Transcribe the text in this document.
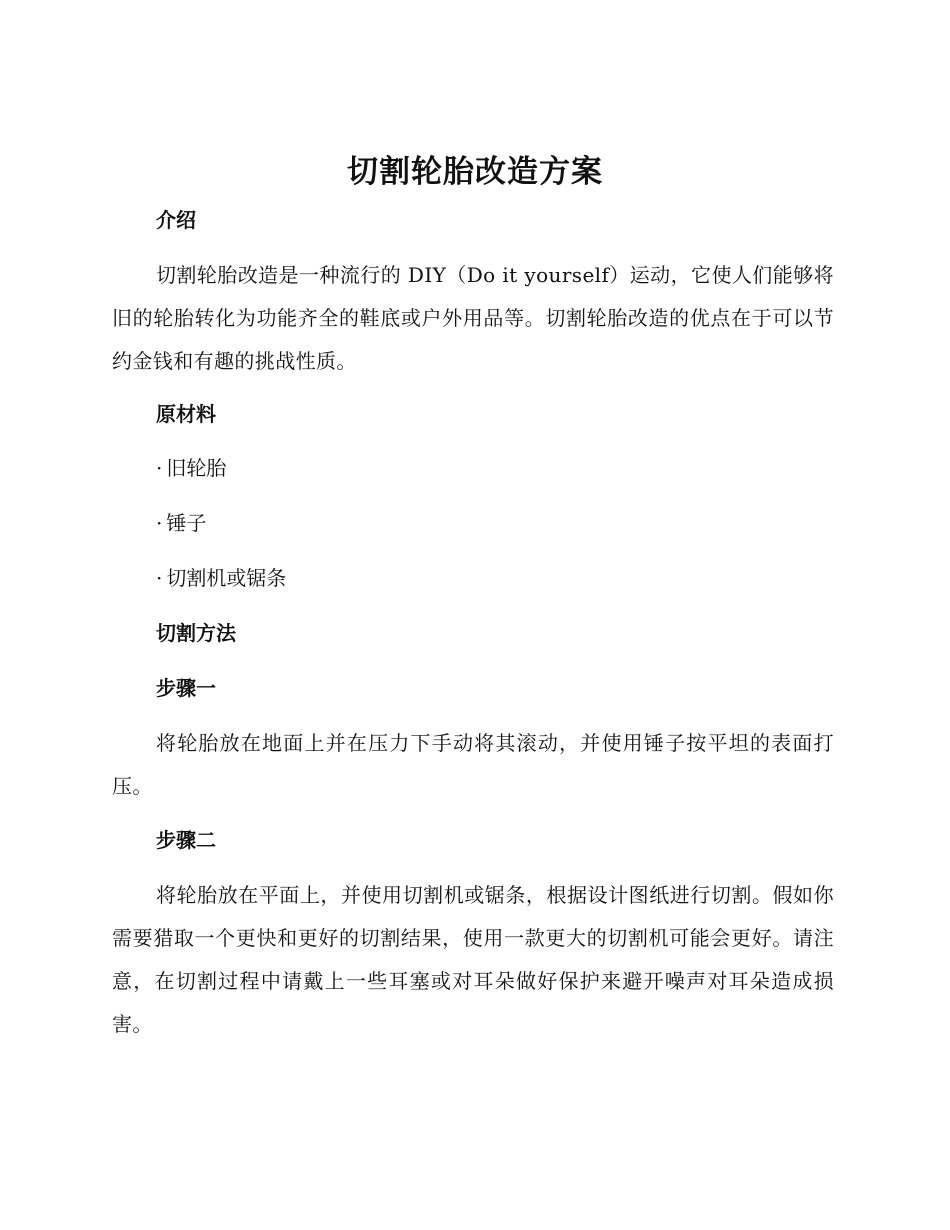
切割轮胎改造方案
介绍

切割轮胎改造是一种流行的 DIY（Do it yourself）运动，它使人们能够将旧的轮胎转化为功能齐全的鞋底或户外用品等。切割轮胎改造的优点在于可以节约金钱和有趣的挑战性质。

原材料
· 旧轮胎
· 锤子
· 切割机或锯条
切割方法
步骤一

将轮胎放在地面上并在压力下手动将其滚动，并使用锤子按平坦的表面打压。

步骤二

将轮胎放在平面上，并使用切割机或锯条，根据设计图纸进行切割。假如你需要猎取一个更快和更好的切割结果，使用一款更大的切割机可能会更好。请注意，在切割过程中请戴上一些耳塞或对耳朵做好保护来避开噪声对耳朵造成损害。
